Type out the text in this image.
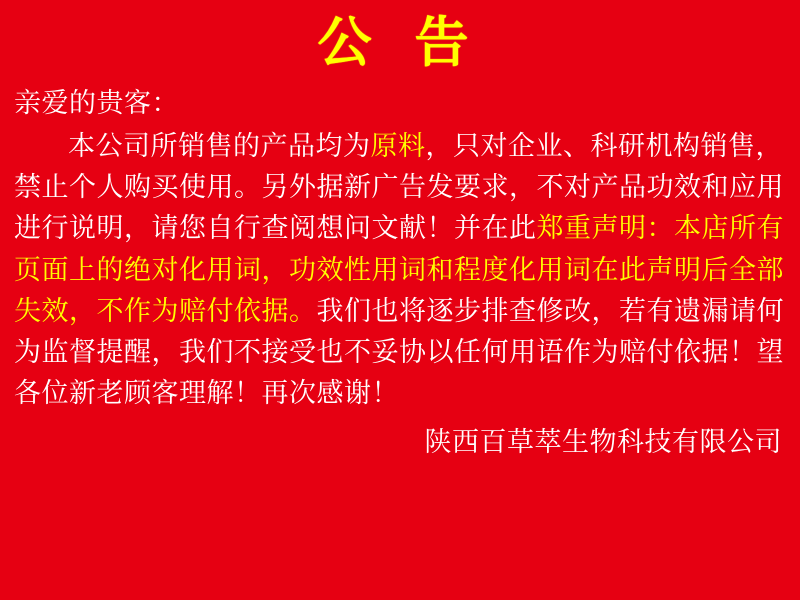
公 告

亲爱的贵客：

本公司所销售的产品均为原料，只对企业、科研机构销售，禁止个人购买使用。另外据新广告发要求，不对产品功效和应用进行说明，请您自行查阅想问文献！并在此郑重声明：本店所有页面上的绝对化用词，功效性用词和程度化用词在此声明后全部失效，不作为赔付依据。我们也将逐步排查修改，若有遗漏请何为监督提醒，我们不接受也不妥协以任何用语作为赔付依据！望各位新老顾客理解！再次感谢！

陕西百草萃生物科技有限公司
